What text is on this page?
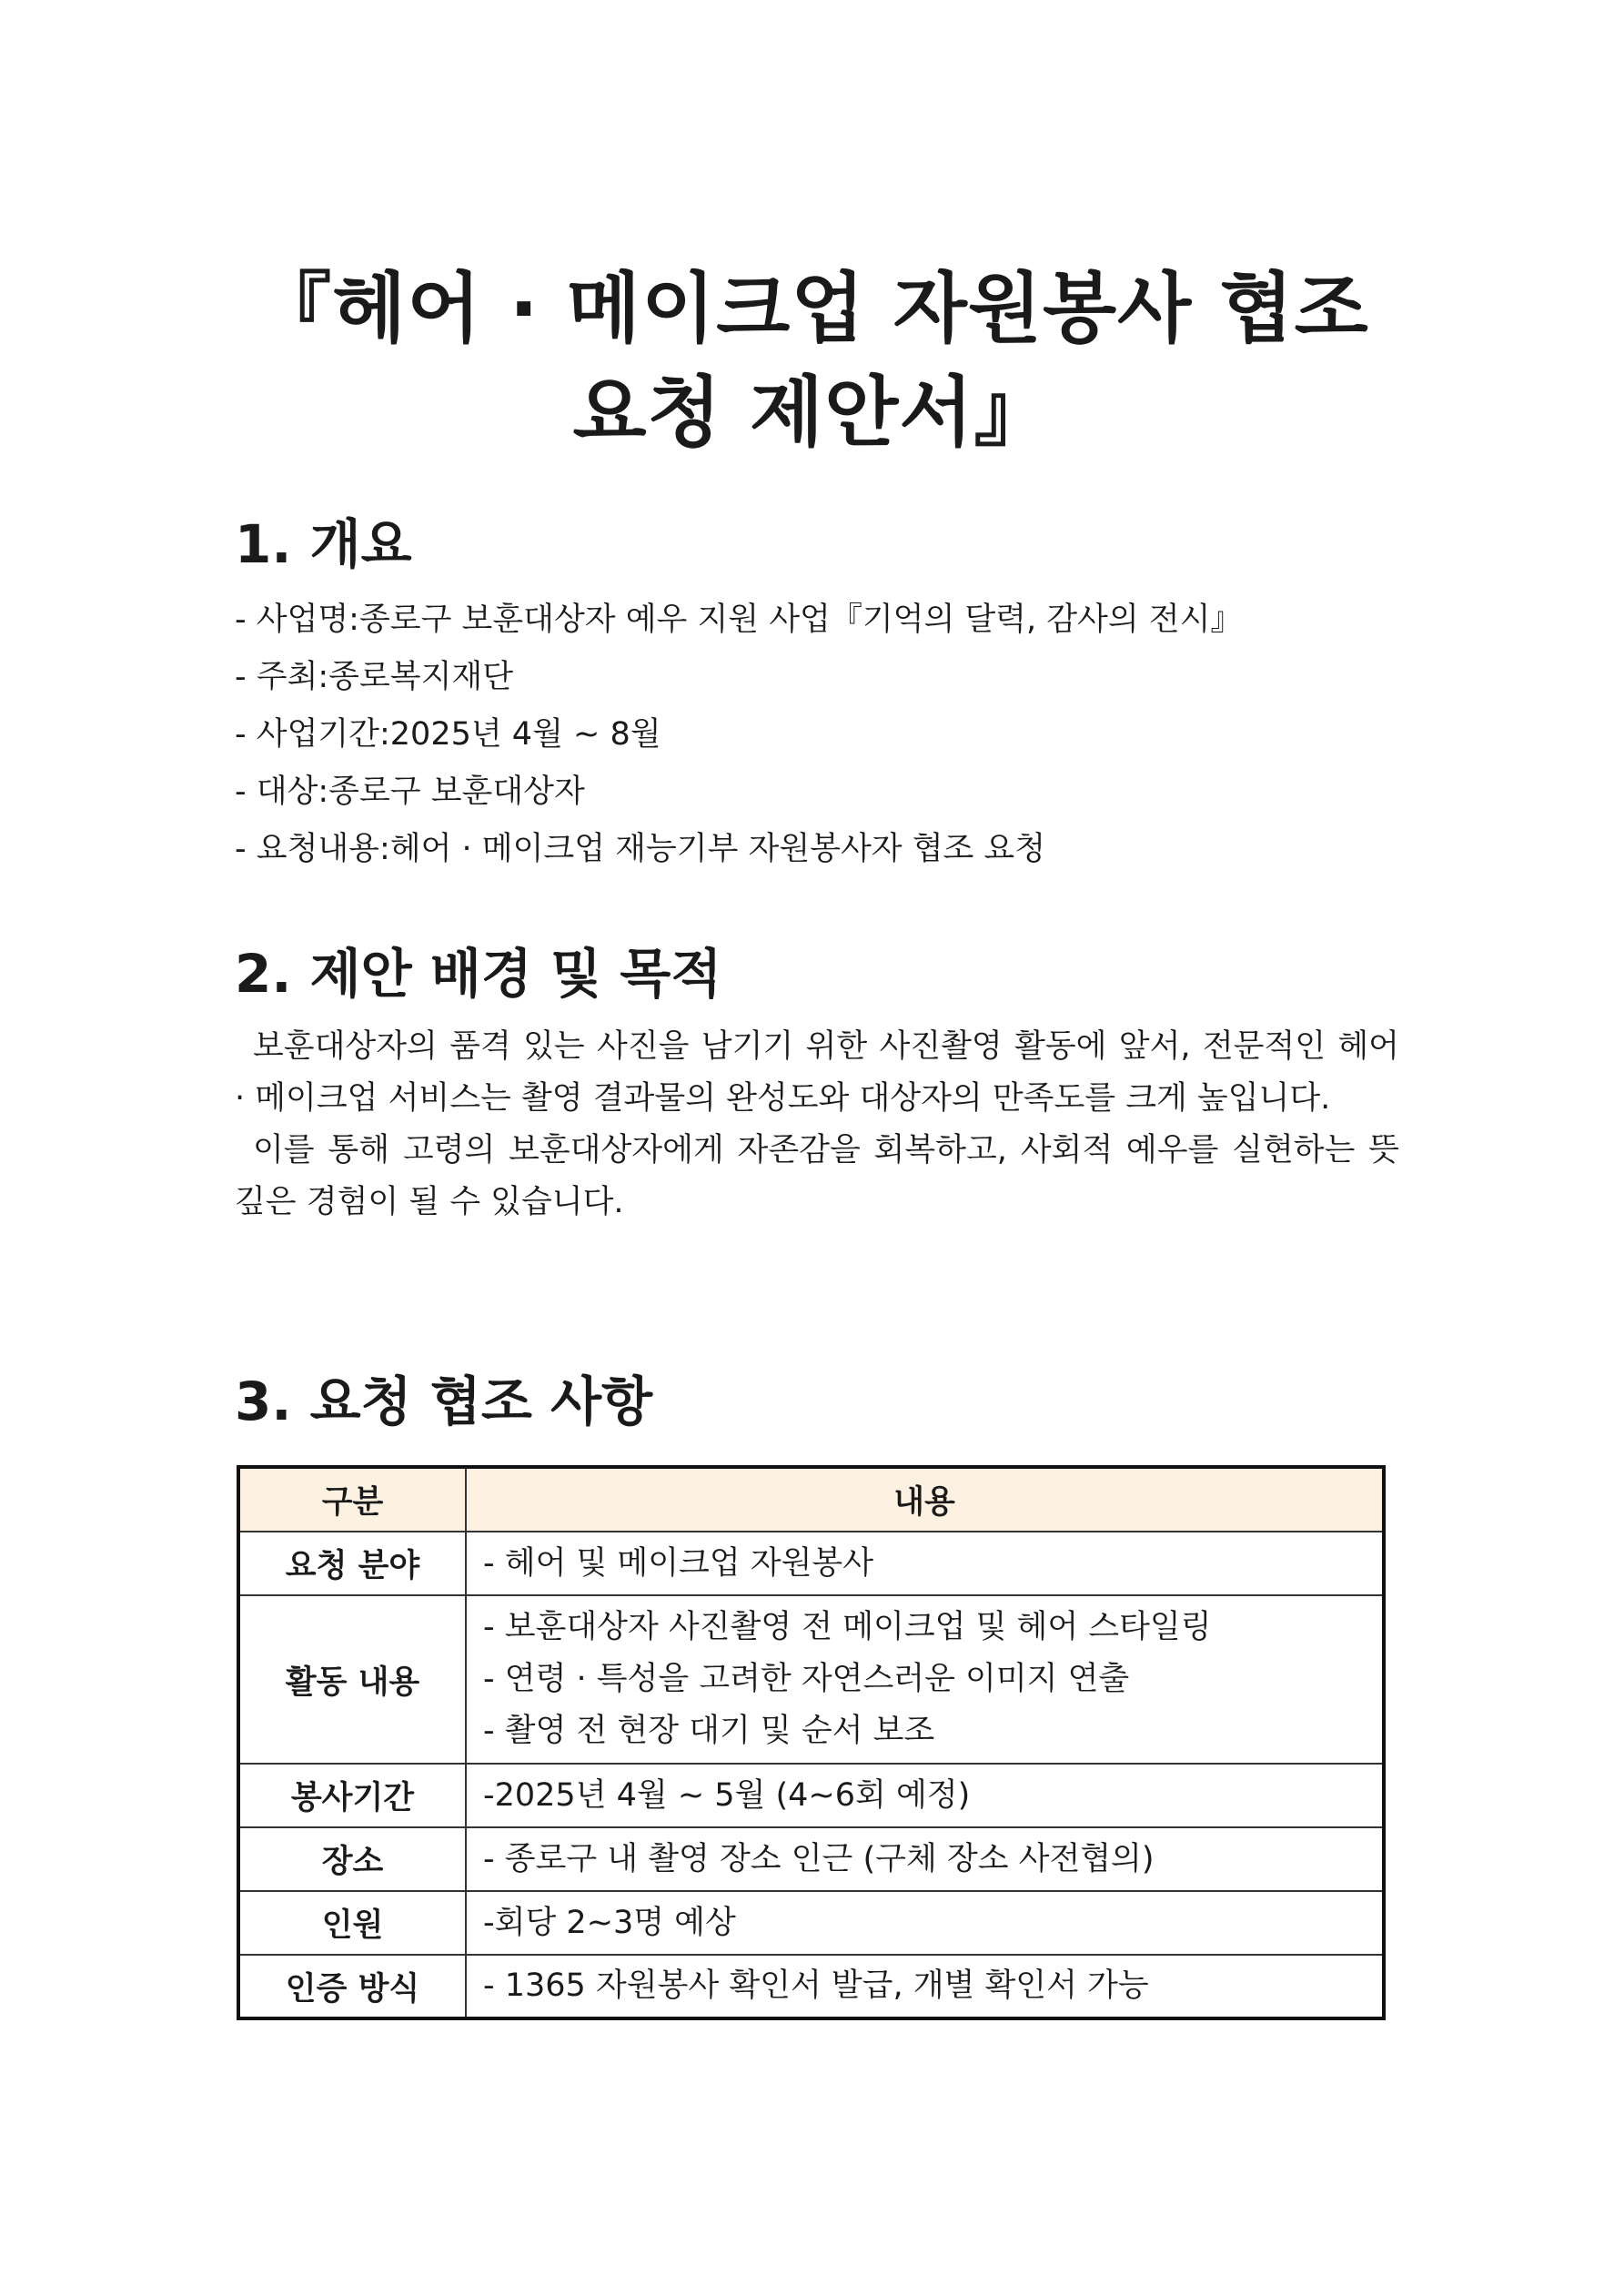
『헤어 · 메이크업 자원봉사 협조
요청 제안서』
1. 개요
- 사업명:종로구 보훈대상자 예우 지원 사업『기억의 달력, 감사의 전시』
- 주최:종로복지재단
- 사업기간:2025년 4월 ~ 8월
- 대상:종로구 보훈대상자
- 요청내용:헤어 · 메이크업 재능기부 자원봉사자 협조 요청
2. 제안 배경 및 목적

보훈대상자의 품격 있는 사진을 남기기 위한 사진촬영 활동에 앞서, 전문적인 헤어 · 메이크업 서비스는 촬영 결과물의 완성도와 대상자의 만족도를 크게 높입니다.

이를 통해 고령의 보훈대상자에게 자존감을 회복하고, 사회적 예우를 실현하는 뜻깊은 경험이 될 수 있습니다.

3. 요청 협조 사항
구분	내용
요청 분야	- 헤어 및 메이크업 자원봉사
활동 내용	- 보훈대상자 사진촬영 전 메이크업 및 헤어 스타일링
- 연령 · 특성을 고려한 자연스러운 이미지 연출
- 촬영 전 현장 대기 및 순서 보조

봉사기간	-2025년 4월 ~ 5월 (4~6회 예정)
장소	- 종로구 내 촬영 장소 인근 (구체 장소 사전협의)
인원	-회당 2~3명 예상
인증 방식	- 1365 자원봉사 확인서 발급, 개별 확인서 가능
